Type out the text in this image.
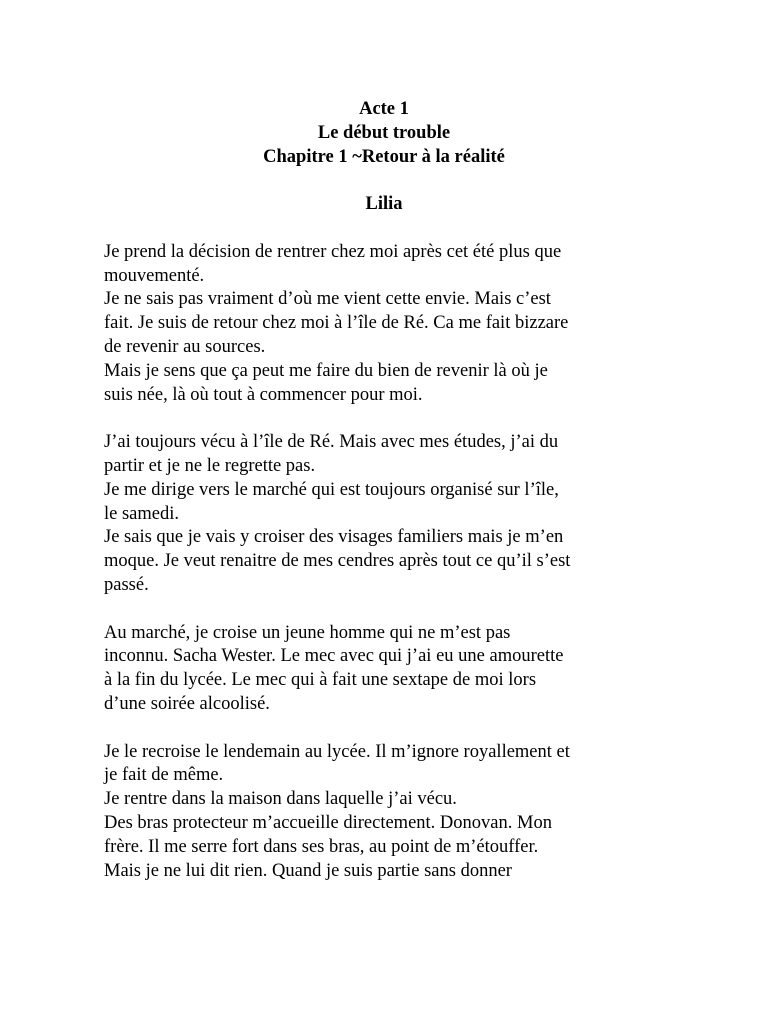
Acte 1
Le début trouble
Chapitre 1 ~Retour à la réalité
Lilia
Je prend la décision de rentrer chez moi après cet été plus que
mouvementé.
Je ne sais pas vraiment d’où me vient cette envie. Mais c’est
fait. Je suis de retour chez moi à l’île de Ré. Ca me fait bizzare
de revenir au sources.
Mais je sens que ça peut me faire du bien de revenir là où je
suis née, là où tout à commencer pour moi.
J’ai toujours vécu à l’île de Ré. Mais avec mes études, j’ai du
partir et je ne le regrette pas.
Je me dirige vers le marché qui est toujours organisé sur l’île,
le samedi.
Je sais que je vais y croiser des visages familiers mais je m’en
moque. Je veut renaitre de mes cendres après tout ce qu’il s’est
passé.
Au marché, je croise un jeune homme qui ne m’est pas
inconnu. Sacha Wester. Le mec avec qui j’ai eu une amourette
à la fin du lycée. Le mec qui à fait une sextape de moi lors
d’une soirée alcoolisé.
Je le recroise le lendemain au lycée. Il m’ignore royallement et
je fait de même.
Je rentre dans la maison dans laquelle j’ai vécu.
Des bras protecteur m’accueille directement. Donovan. Mon
frère. Il me serre fort dans ses bras, au point de m’étouffer.
Mais je ne lui dit rien. Quand je suis partie sans donner
